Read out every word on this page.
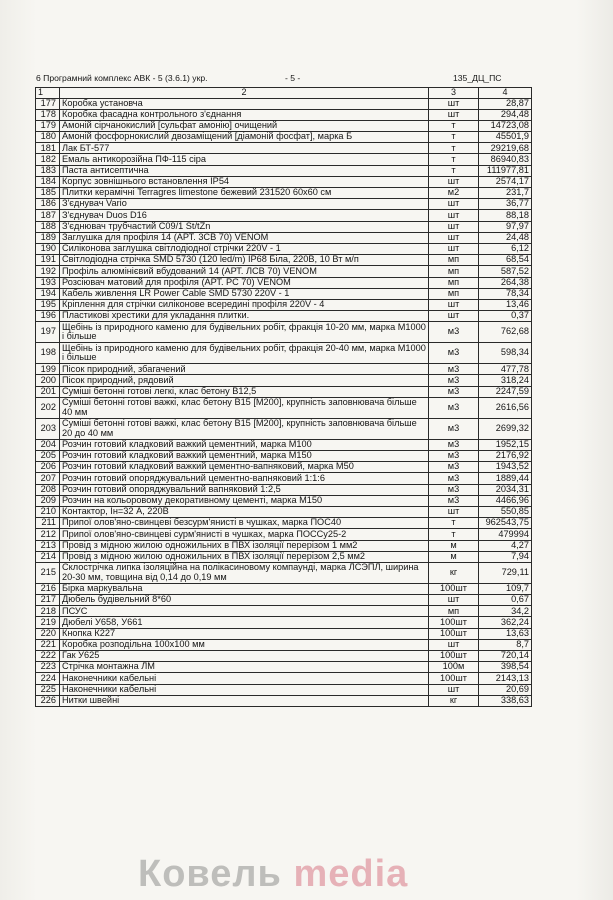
6 Програмний комплекс АВК - 5 (3.6.1) укр.	- 5 -	135_ДЦ_ПС
1	2	3	4
177	Коробка установча	шт	28,87
178	Коробка фасадна контрольного з'єднання	шт	294,48
179	Амоній сірчанокислий [сульфат амонію] очищений	т	14723,08
180	Амоній фосфорнокислий двозаміщений [діамоній фосфат], марка Б	т	45501,9
181	Лак БТ-577	т	29219,68
182	Емаль антикорозійна ПФ-115 сіра	т	86940,83
183	Паста антисептична	т	111977,81
184	Корпус зовнішнього встановлення IP54	шт	2574,17
185	Плитки керамічні Terragres limestone бежевий 231520 60х60 см	м2	231,7
186	З'єднувач Vario	шт	36,77
187	З'єднувач Duos D16	шт	88,18
188	З'єднювач трубчастий C09/1 St/tZn	шт	97,97
189	Заглушка для профіля 14 (АРТ. 3СВ 70) VENOM	шт	24,48
190	Силіконова заглушка світлодіодної стрічки 220V - 1	шт	6,12
191	Світлодіодна стрічка SMD 5730 (120 led/m) IP68 Біла, 220В, 10 Вт м/п	мп	68,54
192	Профіль алюмінієвий вбудований 14 (АРТ. ЛСВ 70) VENOM	мп	587,52
193	Розсіювач матовий для профіля (АРТ. РС 70) VENOM	мп	264,38
194	Кабель живлення LR Power Cable SMD 5730 220V - 1	мп	78,34
195	Кріплення для стрічки силіконове всередині профіля 220V - 4	шт	13,46
196	Пластикові хрестики для укладання плитки.	шт	0,37
197	Щебінь із природного каменю для будівельних робіт, фракція 10-20 мм, марка М1000 і більше	м3	762,68
198	Щебінь із природного каменю для будівельних робіт, фракція 20-40 мм, марка М1000 і більше	м3	598,34
199	Пісок природний, збагачений	м3	477,78
200	Пісок природний, рядовий	м3	318,24
201	Суміші бетонні готові легкі, клас бетону В12,5	м3	2247,59
202	Суміші бетонні готові важкі, клас бетону В15 [М200], крупність заповнювача більше 40 мм	м3	2616,56
203	Суміші бетонні готові важкі, клас бетону В15 [М200], крупність заповнювача більше 20 до 40 мм	м3	2699,32
204	Розчин готовий кладковий важкий цементний, марка М100	м3	1952,15
205	Розчин готовий кладковий важкий цементний, марка М150	м3	2176,92
206	Розчин готовий кладковий важкий цементно-вапняковий, марка М50	м3	1943,52
207	Розчин готовий опоряджувальний цементно-вапняковий 1:1:6	м3	1889,44
208	Розчин готовий опоряджувальний вапняковий 1:2,5	м3	2034,31
209	Розчин на кольоровому декоративному цементі, марка М150	м3	4466,96
210	Контактор, Iн=32 А, 220В	шт	550,85
211	Припої олов'яно-свинцеві безсурм'янисті в чушках, марка ПОС40	т	962543,75
212	Припої олов'яно-свинцеві сурм'янисті в чушках, марка ПОССу25-2	т	479994
213	Провід з мідною жилою одножильних в ПВХ ізоляції перерізом 1 мм2	м	4,27
214	Провід з мідною жилою одножильних в ПВХ ізоляції перерізом 2,5 мм2	м	7,94
215	Склострічка липка ізоляційна на полікасиновому компаунді, марка ЛСЭПЛ, ширина 20-30 мм, товщина від 0,14 до 0,19 мм	кг	729,11
216	Бірка маркувальна	100шт	109,7
217	Дюбель будівельний 8*60	шт	0,67
218	ПСУС	мп	34,2
219	Дюбелі У658, У661	100шт	362,24
220	Кнопка К227	100шт	13,63
221	Коробка розподільна 100х100 мм	шт	8,7
222	Гак У625	100шт	720,14
223	Стрічка монтажна ЛМ	100м	398,54
224	Наконечники кабельні	100шт	2143,13
225	Наконечники кабельні	шт	20,69
226	Нитки швейні	кг	338,63
Ковель media
